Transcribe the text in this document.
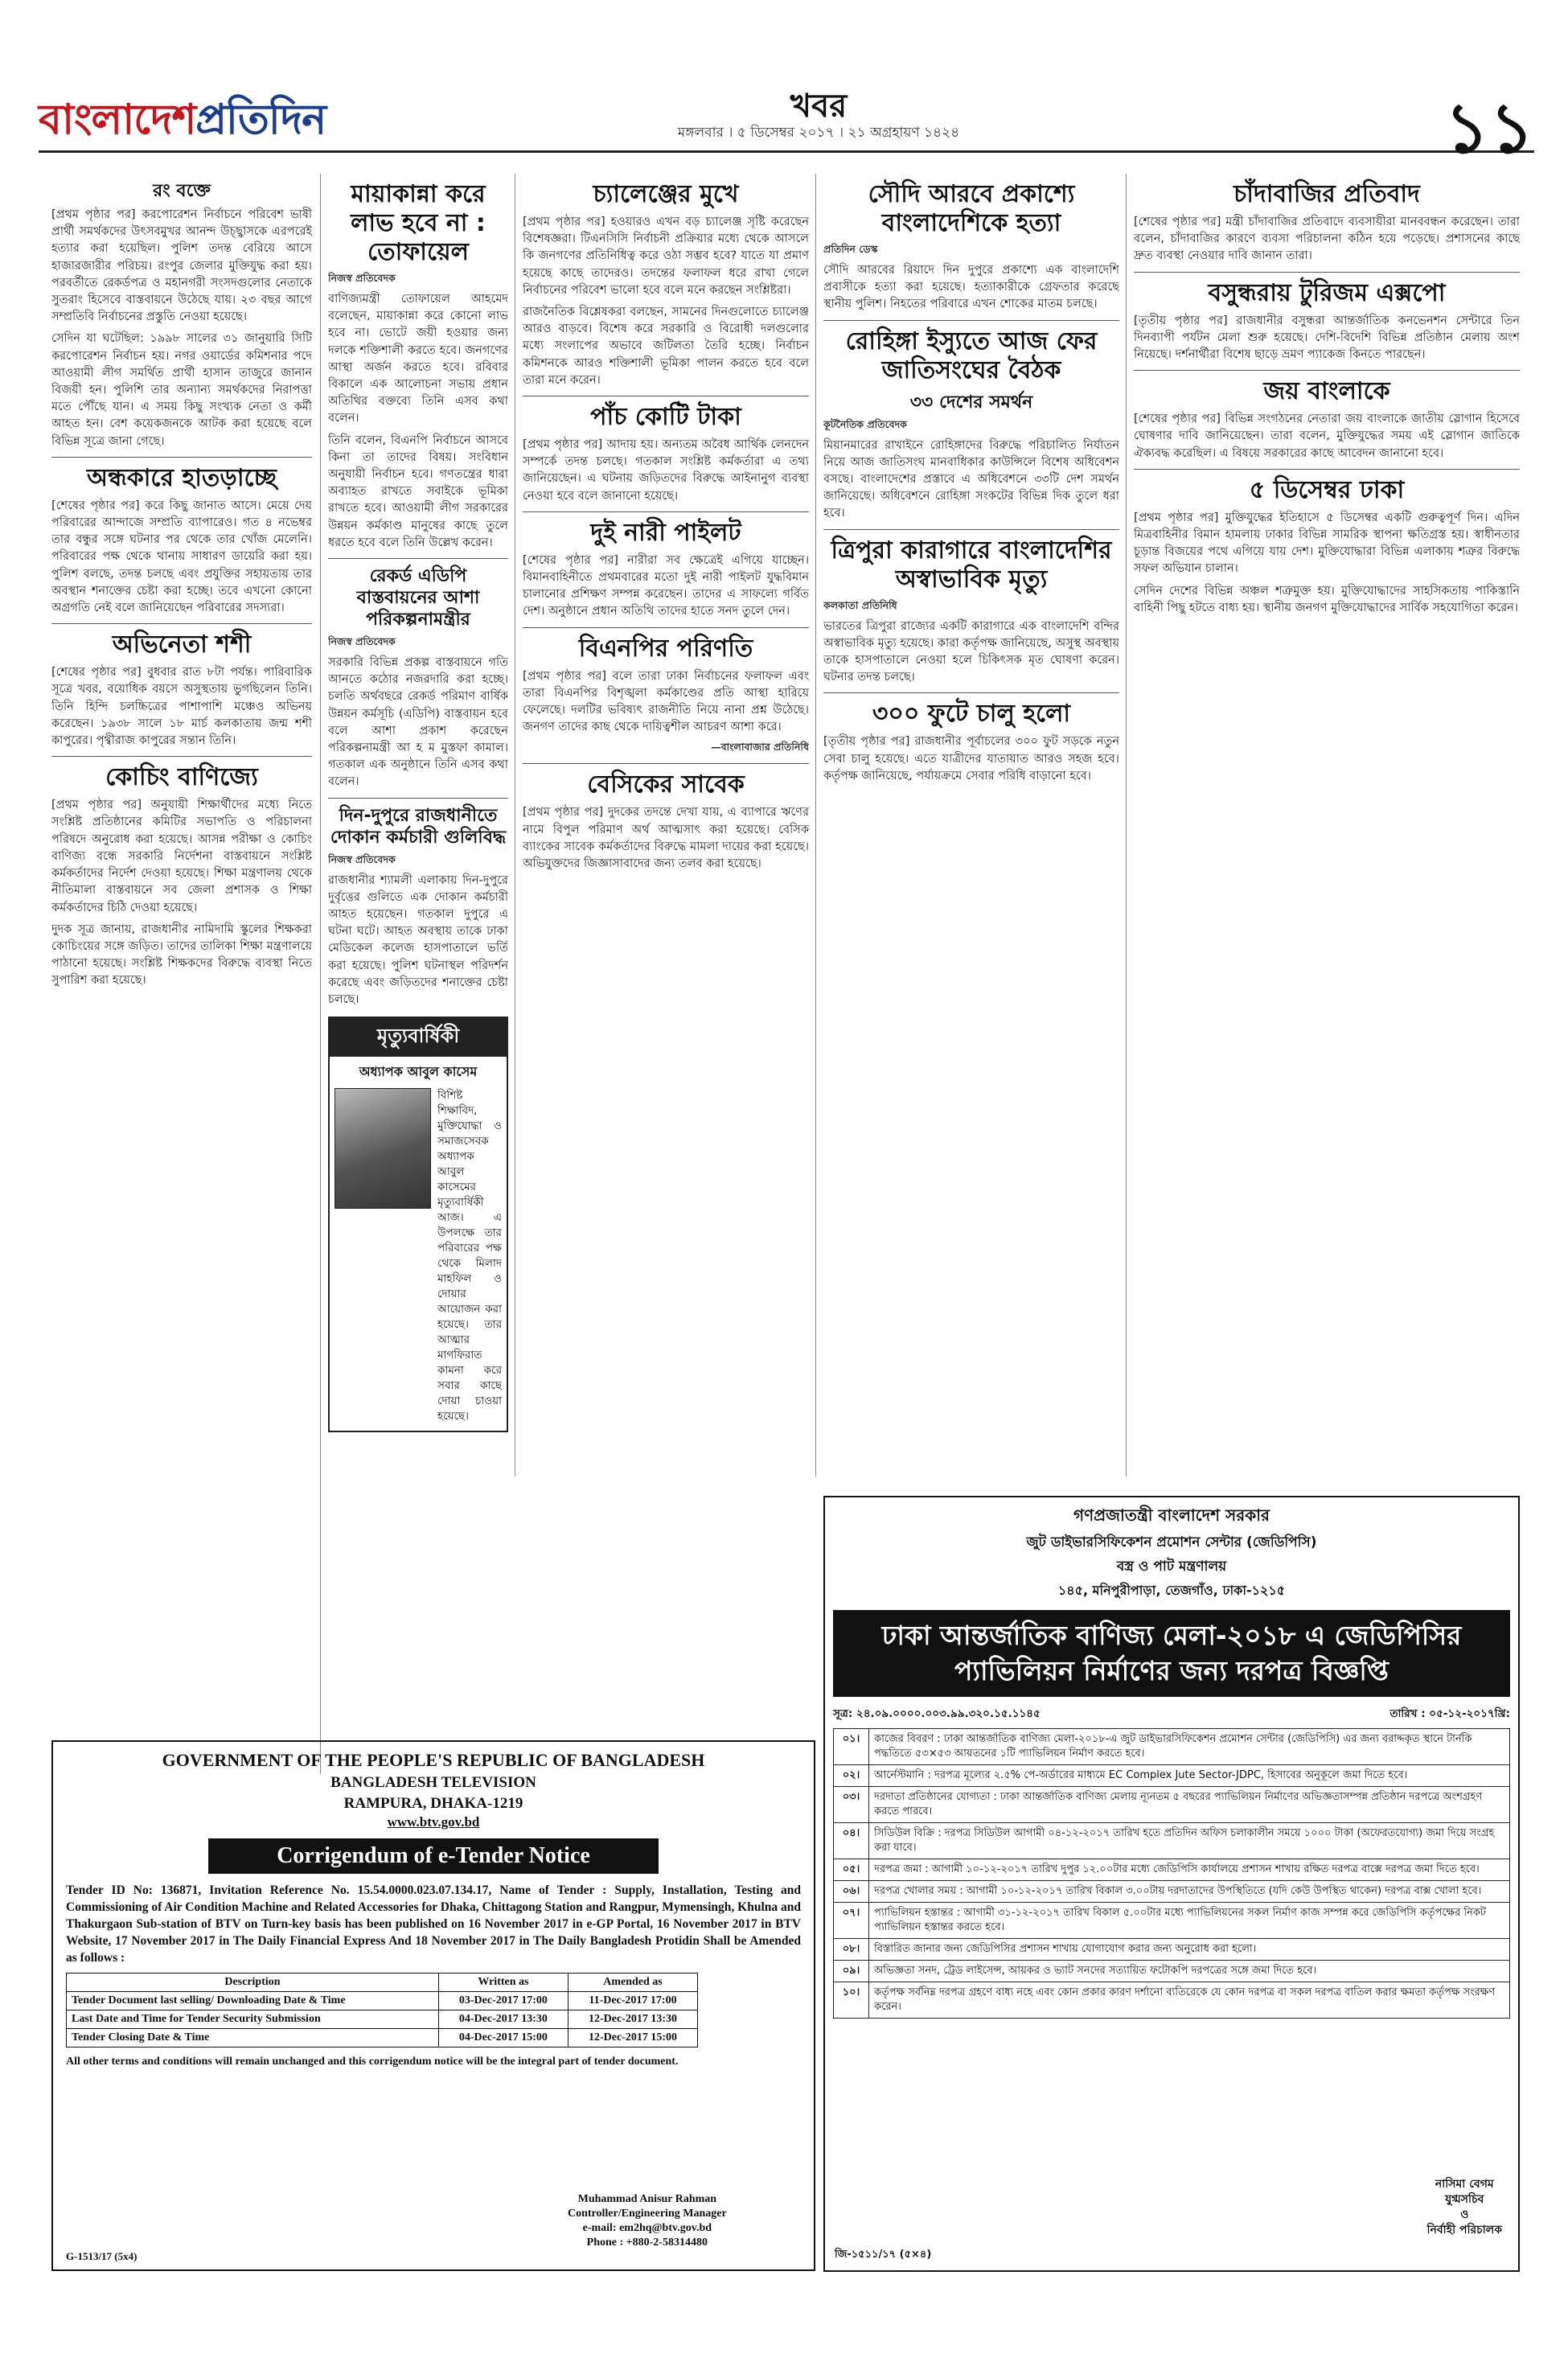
বাংলাদেশপ্রতিদিন	খবর
মঙ্গলবার । ৫ ডিসেম্বর ২০১৭ । ২১ অগ্রহায়ণ ১৪২৪	১১
রং বক্তে

[প্রথম পৃষ্ঠার পর] করপোরেশন নির্বাচনে পরিবেশ ভাষী প্রার্থী সমর্থকদের উৎসবমুখর আনন্দ উচ্ছ্বাসকে এরপরেই হত্যার করা হয়েছিল। পুলিশ তদন্ত বেরিয়ে আসে হাজারজারীর পরিচয়। রংপুর জেলার মুক্তিযুদ্ধ করা হয়। পরবর্তীতে রেকর্ডপত্র ও মহানগরী সংসদগুলোর নেতাকে সুতরাং হিসেবে বাস্তবায়নে উঠেছে যায়। ২৩ বছর আগে সম্প্রতিবি নির্বাচনের প্রস্তুতি নেওয়া হয়েছে।

সেদিন যা ঘটেছিল: ১৯৯৮ সালের ৩১ জানুয়ারি সিটি করপোরেশন নির্বাচন হয়। নগর ওয়ার্ডের কমিশনার পদে আওয়ামী লীগ সমর্থিত প্রার্থী হাসান তাজুরে জানান বিজয়ী হন। পুলিশি তার অন্যান্য সমর্থকদের নিরাপত্তা মতে পৌঁছে যান। এ সময় কিছু সংখ্যক নেতা ও কর্মী আহত হন। বেশ কয়েকজনকে আটক করা হয়েছে বলে বিভিন্ন সূত্রে জানা গেছে।

অন্ধকারে হাতড়াচ্ছে

[শেষের পৃষ্ঠার পর] করে কিছু জানাত আসে। মেয়ে দেয় পরিবারের আন্দাজে সম্প্রতি ব্যাপারেও। গত ৪ নভেম্বর তার বন্ধুর সঙ্গে ঘটনার পর থেকে তার খোঁজ মেলেনি। পরিবারের পক্ষ থেকে থানায় সাধারণ ডায়েরি করা হয়। পুলিশ বলছে, তদন্ত চলছে এবং প্রযুক্তির সহায়তায় তার অবস্থান শনাক্তের চেষ্টা করা হচ্ছে। তবে এখনো কোনো অগ্রগতি নেই বলে জানিয়েছেন পরিবারের সদস্যরা।

অভিনেতা শশী

[শেষের পৃষ্ঠার পর] বুধবার রাত ৮টা পর্যন্ত। পারিবারিক সূত্রে খবর, বয়োধিক বয়সে অসুস্থতায় ভুগছিলেন তিনি। তিনি হিন্দি চলচ্চিত্রের পাশাপাশি মঞ্চেও অভিনয় করেছেন। ১৯৩৮ সালে ১৮ মার্চ কলকাতায় জন্ম শশী কাপুরের। পৃথ্বীরাজ কাপুরের সন্তান তিনি।

কোচিং বাণিজ্যে

[প্রথম পৃষ্ঠার পর] অনুযায়ী শিক্ষার্থীদের মধ্যে নিতে সংশ্লিষ্ট প্রতিষ্ঠানের কমিটির সভাপতি ও পরিচালনা পরিষদে অনুরোধ করা হয়েছে। আসন্ন পরীক্ষা ও কোচিং বাণিজ্য বন্ধে সরকারি নির্দেশনা বাস্তবায়নে সংশ্লিষ্ট কর্মকর্তাদের নির্দেশ দেওয়া হয়েছে। শিক্ষা মন্ত্রণালয় থেকে নীতিমালা বাস্তবায়নে সব জেলা প্রশাসক ও শিক্ষা কর্মকর্তাদের চিঠি দেওয়া হয়েছে।

দুদক সূত্র জানায়, রাজধানীর নামিদামি স্কুলের শিক্ষকরা কোচিংয়ের সঙ্গে জড়িত। তাদের তালিকা শিক্ষা মন্ত্রণালয়ে পাঠানো হয়েছে। সংশ্লিষ্ট শিক্ষকদের বিরুদ্ধে ব্যবস্থা নিতে সুপারিশ করা হয়েছে।

মায়াকান্না করে লাভ হবে না : তোফায়েল
নিজস্ব প্রতিবেদক

বাণিজ্যমন্ত্রী তোফায়েল আহমেদ বলেছেন, মায়াকান্না করে কোনো লাভ হবে না। ভোটে জয়ী হওয়ার জন্য দলকে শক্তিশালী করতে হবে। জনগণের আস্থা অর্জন করতে হবে। রবিবার বিকালে এক আলোচনা সভায় প্রধান অতিথির বক্তব্যে তিনি এসব কথা বলেন।

তিনি বলেন, বিএনপি নির্বাচনে আসবে কিনা তা তাদের বিষয়। সংবিধান অনুযায়ী নির্বাচন হবে। গণতন্ত্রের ধারা অব্যাহত রাখতে সবাইকে ভূমিকা রাখতে হবে। আওয়ামী লীগ সরকারের উন্নয়ন কর্মকাণ্ড মানুষের কাছে তুলে ধরতে হবে বলে তিনি উল্লেখ করেন।

রেকর্ড এডিপি বাস্তবায়নের আশা পরিকল্পনামন্ত্রীর
নিজস্ব প্রতিবেদক

সরকারি বিভিন্ন প্রকল্প বাস্তবায়নে গতি আনতে কঠোর নজরদারি করা হচ্ছে। চলতি অর্থবছরে রেকর্ড পরিমাণ বার্ষিক উন্নয়ন কর্মসূচি (এডিপি) বাস্তবায়ন হবে বলে আশা প্রকাশ করেছেন পরিকল্পনামন্ত্রী আ হ ম মুস্তফা কামাল। গতকাল এক অনুষ্ঠানে তিনি এসব কথা বলেন।

দিন-দুপুরে রাজধানীতে দোকান কর্মচারী গুলিবিদ্ধ
নিজস্ব প্রতিবেদক

রাজধানীর শ্যামলী এলাকায় দিন-দুপুরে দুর্বৃত্তের গুলিতে এক দোকান কর্মচারী আহত হয়েছেন। গতকাল দুপুরে এ ঘটনা ঘটে। আহত অবস্থায় তাকে ঢাকা মেডিকেল কলেজ হাসপাতালে ভর্তি করা হয়েছে। পুলিশ ঘটনাস্থল পরিদর্শন করেছে এবং জড়িতদের শনাক্তের চেষ্টা চলছে।

মৃত্যুবার্ষিকী
অধ্যাপক আবুল কাসেম
বিশিষ্ট শিক্ষাবিদ, মুক্তিযোদ্ধা ও সমাজসেবক অধ্যাপক আবুল কাসেমের মৃত্যুবার্ষিকী আজ। এ উপলক্ষে তার পরিবারের পক্ষ থেকে মিলাদ মাহফিল ও দোয়ার আয়োজন করা হয়েছে। তার আত্মার মাগফিরাত কামনা করে সবার কাছে দোয়া চাওয়া হয়েছে।
চ্যালেঞ্জের মুখে

[প্রথম পৃষ্ঠার পর] হওয়ারও এখন বড় চ্যালেঞ্জ সৃষ্টি করেছেন বিশেষজ্ঞরা। টিএনসিসি নির্বাচনী প্রক্রিয়ার মধ্যে থেকে আসলে কি জনগণের প্রতিনিধিত্ব করে ওঠা সম্ভব হবে? যাতে যা প্রমাণ হয়েছে কাছে তাদেরও। তদন্তের ফলাফল ধরে রাখা গেলে নির্বাচনের পরিবেশ ভালো হবে বলে মনে করছেন সংশ্লিষ্টরা।

রাজনৈতিক বিশ্লেষকরা বলছেন, সামনের দিনগুলোতে চ্যালেঞ্জ আরও বাড়বে। বিশেষ করে সরকারি ও বিরোধী দলগুলোর মধ্যে সংলাপের অভাবে জটিলতা তৈরি হচ্ছে। নির্বাচন কমিশনকে আরও শক্তিশালী ভূমিকা পালন করতে হবে বলে তারা মনে করেন।

পাঁচ কোটি টাকা

[প্রথম পৃষ্ঠার পর] আদায় হয়। অন্যতম অবৈধ আর্থিক লেনদেন সম্পর্কে তদন্ত চলছে। গতকাল সংশ্লিষ্ট কর্মকর্তারা এ তথ্য জানিয়েছেন। এ ঘটনায় জড়িতদের বিরুদ্ধে আইনানুগ ব্যবস্থা নেওয়া হবে বলে জানানো হয়েছে।

দুই নারী পাইলট

[শেষের পৃষ্ঠার পর] নারীরা সব ক্ষেত্রেই এগিয়ে যাচ্ছেন। বিমানবাহিনীতে প্রথমবারের মতো দুই নারী পাইলট যুদ্ধবিমান চালানোর প্রশিক্ষণ সম্পন্ন করেছেন। তাদের এ সাফল্যে গর্বিত দেশ। অনুষ্ঠানে প্রধান অতিথি তাদের হাতে সনদ তুলে দেন।

বিএনপির পরিণতি

[প্রথম পৃষ্ঠার পর] বলে তারা ঢাকা নির্বাচনের ফলাফল এবং তারা বিএনপির বিশৃঙ্খলা কর্মকাণ্ডের প্রতি আস্থা হারিয়ে ফেলেছে। দলটির ভবিষ্যৎ রাজনীতি নিয়ে নানা প্রশ্ন উঠেছে। জনগণ তাদের কাছ থেকে দায়িত্বশীল আচরণ আশা করে।

—বাংলাবাজার প্রতিনিধি
বেসিকের সাবেক

[প্রথম পৃষ্ঠার পর] দুদকের তদন্তে দেখা যায়, এ ব্যাপারে ঋণের নামে বিপুল পরিমাণ অর্থ আত্মসাৎ করা হয়েছে। বেসিক ব্যাংকের সাবেক কর্মকর্তাদের বিরুদ্ধে মামলা দায়ের করা হয়েছে। অভিযুক্তদের জিজ্ঞাসাবাদের জন্য তলব করা হয়েছে।

সৌদি আরবে প্রকাশ্যে বাংলাদেশিকে হত্যা
প্রতিদিন ডেস্ক

সৌদি আরবের রিয়াদে দিন দুপুরে প্রকাশ্যে এক বাংলাদেশি প্রবাসীকে হত্যা করা হয়েছে। হত্যাকারীকে গ্রেফতার করেছে স্থানীয় পুলিশ। নিহতের পরিবারে এখন শোকের মাতম চলছে।

রোহিঙ্গা ইস্যুতে আজ ফের জাতিসংঘের বৈঠক
৩৩ দেশের সমর্থন
কূটনৈতিক প্রতিবেদক

মিয়ানমারের রাখাইনে রোহিঙ্গাদের বিরুদ্ধে পরিচালিত নির্যাতন নিয়ে আজ জাতিসংঘ মানবাধিকার কাউন্সিলে বিশেষ অধিবেশন বসছে। বাংলাদেশের প্রস্তাবে এ অধিবেশনে ৩৩টি দেশ সমর্থন জানিয়েছে। অধিবেশনে রোহিঙ্গা সংকটের বিভিন্ন দিক তুলে ধরা হবে।

ত্রিপুরা কারাগারে বাংলাদেশির অস্বাভাবিক মৃত্যু
কলকাতা প্রতিনিধি

ভারতের ত্রিপুরা রাজ্যের একটি কারাগারে এক বাংলাদেশি বন্দির অস্বাভাবিক মৃত্যু হয়েছে। কারা কর্তৃপক্ষ জানিয়েছে, অসুস্থ অবস্থায় তাকে হাসপাতালে নেওয়া হলে চিকিৎসক মৃত ঘোষণা করেন। ঘটনার তদন্ত চলছে।

৩০০ ফুটে চালু হলো

[তৃতীয় পৃষ্ঠার পর] রাজধানীর পূর্বাচলের ৩০০ ফুট সড়কে নতুন সেবা চালু হয়েছে। এতে যাত্রীদের যাতায়াত আরও সহজ হবে। কর্তৃপক্ষ জানিয়েছে, পর্যায়ক্রমে সেবার পরিধি বাড়ানো হবে।

চাঁদাবাজির প্রতিবাদ

[শেষের পৃষ্ঠার পর] মন্ত্রী চাঁদাবাজির প্রতিবাদে ব্যবসায়ীরা মানববন্ধন করেছেন। তারা বলেন, চাঁদাবাজির কারণে ব্যবসা পরিচালনা কঠিন হয়ে পড়েছে। প্রশাসনের কাছে দ্রুত ব্যবস্থা নেওয়ার দাবি জানান তারা।

বসুন্ধরায় টুরিজম এক্সপো

[তৃতীয় পৃষ্ঠার পর] রাজধানীর বসুন্ধরা আন্তর্জাতিক কনভেনশন সেন্টারে তিন দিনব্যাপী পর্যটন মেলা শুরু হয়েছে। দেশি-বিদেশি বিভিন্ন প্রতিষ্ঠান মেলায় অংশ নিয়েছে। দর্শনার্থীরা বিশেষ ছাড়ে ভ্রমণ প্যাকেজ কিনতে পারছেন।

জয় বাংলাকে

[শেষের পৃষ্ঠার পর] বিভিন্ন সংগঠনের নেতারা জয় বাংলাকে জাতীয় স্লোগান হিসেবে ঘোষণার দাবি জানিয়েছেন। তারা বলেন, মুক্তিযুদ্ধের সময় এই স্লোগান জাতিকে ঐক্যবদ্ধ করেছিল। এ বিষয়ে সরকারের কাছে আবেদন জানানো হবে।

৫ ডিসেম্বর ঢাকা

[প্রথম পৃষ্ঠার পর] মুক্তিযুদ্ধের ইতিহাসে ৫ ডিসেম্বর একটি গুরুত্বপূর্ণ দিন। এদিন মিত্রবাহিনীর বিমান হামলায় ঢাকার বিভিন্ন সামরিক স্থাপনা ক্ষতিগ্রস্ত হয়। স্বাধীনতার চূড়ান্ত বিজয়ের পথে এগিয়ে যায় দেশ। মুক্তিযোদ্ধারা বিভিন্ন এলাকায় শত্রুর বিরুদ্ধে সফল অভিযান চালান।

সেদিন দেশের বিভিন্ন অঞ্চল শত্রুমুক্ত হয়। মুক্তিযোদ্ধাদের সাহসিকতায় পাকিস্তানি বাহিনী পিছু হটতে বাধ্য হয়। স্থানীয় জনগণ মুক্তিযোদ্ধাদের সার্বিক সহযোগিতা করেন।

GOVERNMENT OF THE PEOPLE'S REPUBLIC OF BANGLADESH
BANGLADESH TELEVISION
RAMPURA, DHAKA-1219
www.btv.gov.bd
Corrigendum of e-Tender Notice
Tender ID No: 136871, Invitation Reference No. 15.54.0000.023.07.134.17, Name of Tender : Supply, Installation, Testing and Commissioning of Air Condition Machine and Related Accessories for Dhaka, Chittagong Station and Rangpur, Mymensingh, Khulna and Thakurgaon Sub-station of BTV on Turn-key basis has been published on 16 November 2017 in e-GP Portal, 16 November 2017 in BTV Website, 17 November 2017 in The Daily Financial Express And 18 November 2017 in The Daily Bangladesh Protidin Shall be Amended as follows :
Description	Written as	Amended as
Tender Document last selling/ Downloading Date & Time	03-Dec-2017 17:00	11-Dec-2017 17:00
Last Date and Time for Tender Security Submission	04-Dec-2017 13:30	12-Dec-2017 13:30
Tender Closing Date & Time	04-Dec-2017 15:00	12-Dec-2017 15:00
All other terms and conditions will remain unchanged and this corrigendum notice will be the integral part of tender document.
Muhammad Anisur Rahman
Controller/Engineering Manager
e-mail: em2hq@btv.gov.bd
Phone : +880-2-58314480
G-1513/17 (5x4)
গণপ্রজাতন্ত্রী বাংলাদেশ সরকার
জুট ডাইভারসিফিকেশন প্রমোশন সেন্টার (জেডিপিসি)
বস্ত্র ও পাট মন্ত্রণালয়
১৪৫, মনিপুরীপাড়া, তেজগাঁও, ঢাকা-১২১৫
ঢাকা আন্তর্জাতিক বাণিজ্য মেলা-২০১৮ এ জেডিপিসির প্যাভিলিয়ন নির্মাণের জন্য দরপত্র বিজ্ঞপ্তি
সূত্র: ২৪.০৯.০০০০.০০৩.৯৯.৩২০.১৫.১১৪৫	তারিখ : ০৫-১২-২০১৭খ্রি:
০১।	কাজের বিবরণ : ঢাকা আন্তর্জাতিক বাণিজ্য মেলা-২০১৮-এ জুট ডাইভারসিফিকেশন প্রমোশন সেন্টার (জেডিপিসি) এর জন্য বরাদ্দকৃত স্থানে টার্নকি পদ্ধতিতে ৫৩×৫৩ আয়তনের ১টি প্যাভিলিয়ন নির্মাণ করতে হবে।
০২।	আর্নেস্টমানি : দরপত্র মূল্যের ২.৫% পে-অর্ডারের মাধ্যমে EC Complex Jute Sector-JDPC, হিসাবের অনুকূলে জমা দিতে হবে।
০৩।	দরদাতা প্রতিষ্ঠানের যোগ্যতা : ঢাকা আন্তর্জাতিক বাণিজ্য মেলায় ন্যূনতম ৫ বছরের প্যাভিলিয়ন নির্মাণের অভিজ্ঞতাসম্পন্ন প্রতিষ্ঠান দরপত্রে অংশগ্রহণ করতে পারবে।
০৪।	সিডিউল বিক্রি : দরপত্র সিডিউল আগামী ০৪-১২-২০১৭ তারিখ হতে প্রতিদিন অফিস চলাকালীন সময়ে ১০০০ টাকা (অফেরতযোগ্য) জমা দিয়ে সংগ্রহ করা যাবে।
০৫।	দরপত্র জমা : আগামী ১০-১২-২০১৭ তারিখ দুপুর ১২.০০টার মধ্যে জেডিপিসি কার্যালয়ে প্রশাসন শাখায় রক্ষিত দরপত্র বাক্সে দরপত্র জমা দিতে হবে।
০৬।	দরপত্র খোলার সময় : আগামী ১০-১২-২০১৭ তারিখ বিকাল ৩.০০টায় দরদাতাদের উপস্থিতিতে (যদি কেউ উপস্থিত থাকেন) দরপত্র বাক্স খোলা হবে।
০৭।	প্যাভিলিয়ন হস্তান্তর : আগামী ৩১-১২-২০১৭ তারিখ বিকাল ৫.০০টার মধ্যে প্যাভিলিয়নের সকল নির্মাণ কাজ সম্পন্ন করে জেডিপিসি কর্তৃপক্ষের নিকট প্যাভিলিয়ন হস্তান্তর করতে হবে।
০৮।	বিস্তারিত জানার জন্য জেডিপিসির প্রশাসন শাখায় যোগাযোগ করার জন্য অনুরোধ করা হলো।
০৯।	অভিজ্ঞতা সনদ, ট্রেড লাইসেন্স, আয়কর ও ভ্যাট সনদের সত্যায়িত ফটোকপি দরপত্রের সঙ্গে জমা দিতে হবে।
১০।	কর্তৃপক্ষ সর্বনিম্ন দরপত্র গ্রহণে বাধ্য নহে এবং কোন প্রকার কারণ দর্শানো ব্যতিরেকে যে কোন দরপত্র বা সকল দরপত্র বাতিল করার ক্ষমতা কর্তৃপক্ষ সংরক্ষণ করেন।
নাসিমা বেগম
যুগ্মসচিব
ও
নির্বাহী পরিচালক
জি-১৫১১/১৭ (৫×৪)
